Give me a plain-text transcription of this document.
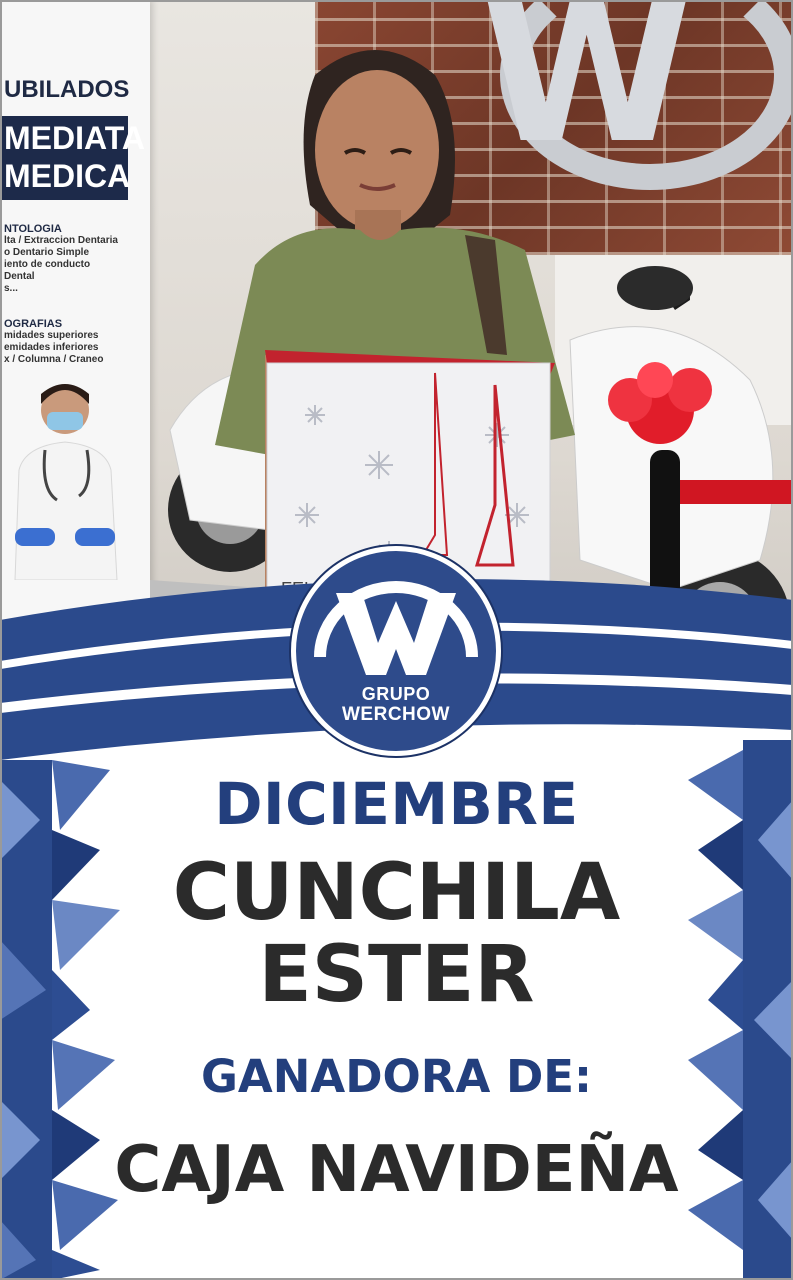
W
UBILADOS
MEDIATA
MEDICA
NTOLOGIA
lta / Extraccion Dentaria
o Dentario Simple
iento de conducto
Dental
s...
OGRAFIAS
midades superiores
emidades inferiores
x / Columna / Craneo
DICIEMBRE
CUNCHILA
ESTER
GANADORA DE:
CAJA NAVIDEÑA
GRUPO
WERCHOW
